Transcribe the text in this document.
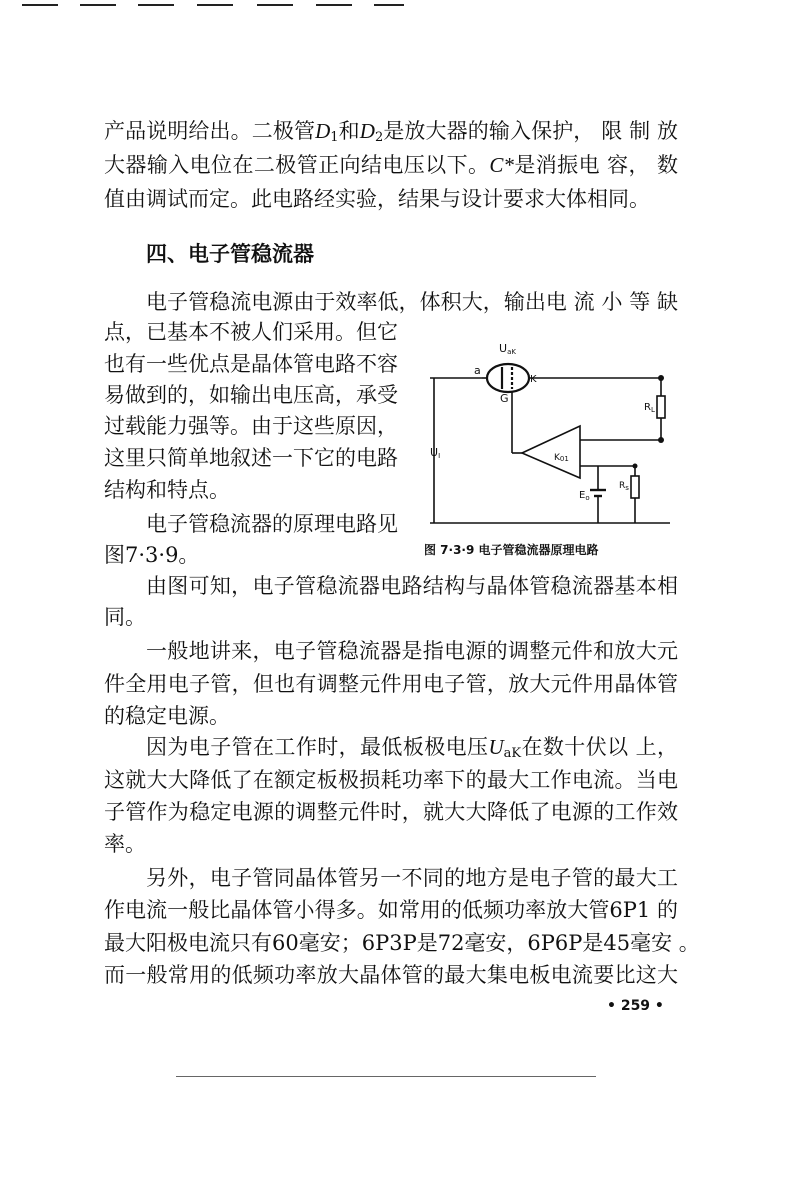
产品说明给出。二极管$D_1$和$D_2$是放大器的输入保护， 限 制 放

大器输入电位在二极管正向结电压以下。C*是消振电 容， 数

值由调试而定。此电路经实验，结果与设计要求大体相同。

四、电子管稳流器

电子管稳流电源由于效率低，体积大，输出电 流 小 等 缺

点，已基本不被人们采用。但它

也有一些优点是晶体管电路不容

易做到的，如输出电压高，承受

过载能力强等。由于这些原因，

这里只简单地叙述一下它的电路

结构和特点。

电子管稳流器的原理电路见

图7·3·9。

UaK
a
K
G
$R_L$
UI	K01
$E_o$
$R_s$
图 7·3·9 电子管稳流器原理电路

由图可知，电子管稳流器电路结构与晶体管稳流器基本相

同。

一般地讲来，电子管稳流器是指电源的调整元件和放大元

件全用电子管，但也有调整元件用电子管，放大元件用晶体管

的稳定电源。

因为电子管在工作时，最低板极电压$U_{aK}$在数十伏以 上，

这就大大降低了在额定板极损耗功率下的最大工作电流。当电

子管作为稳定电源的调整元件时，就大大降低了电源的工作效

率。

另外，电子管同晶体管另一不同的地方是电子管的最大工

作电流一般比晶体管小得多。如常用的低频功率放大管6P1 的

最大阳极电流只有60毫安；6P3P是72毫安，6P6P是45毫安 。

而一般常用的低频功率放大晶体管的最大集电板电流要比这大

• 259 •
